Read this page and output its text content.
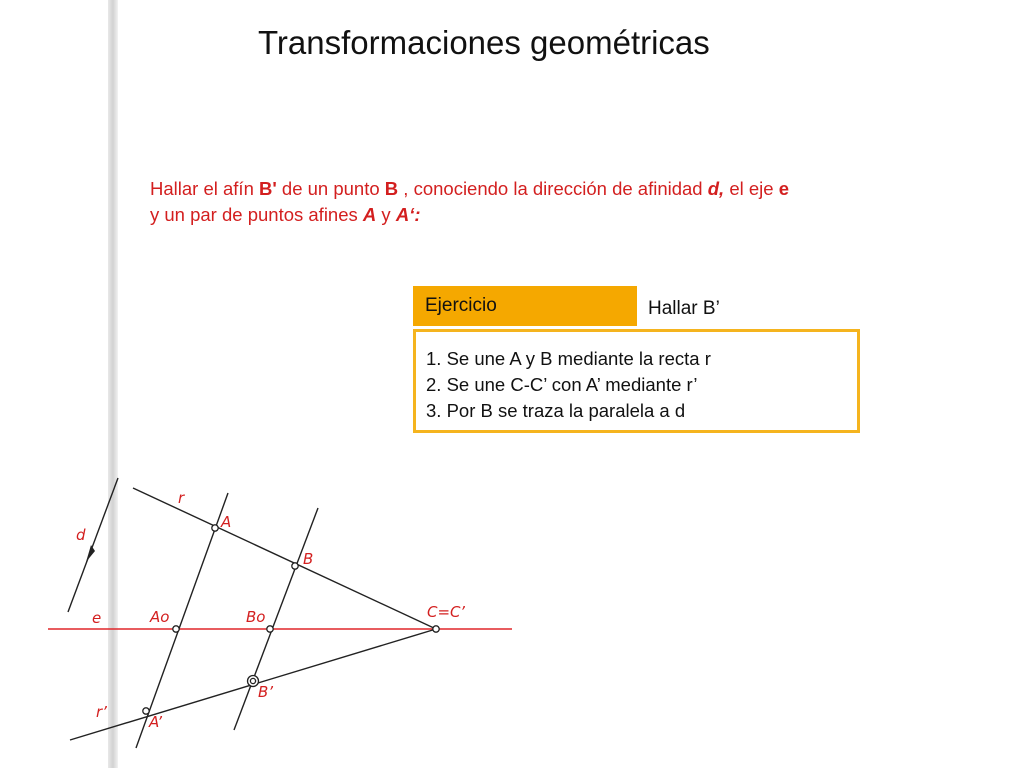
Transformaciones geométricas
Hallar el afín B' de un punto B , conociendo la dirección de afinidad d, el eje e
y un par de puntos afines A y A‘:
Ejercicio	Hallar B’
1. Se une A y B mediante la recta r
2. Se une C-C’ con A’ mediante r’
3. Por B se traza la paralela a d
r
d
A
B
e	Ao	Bo	C=C’
B’
r’
A’
